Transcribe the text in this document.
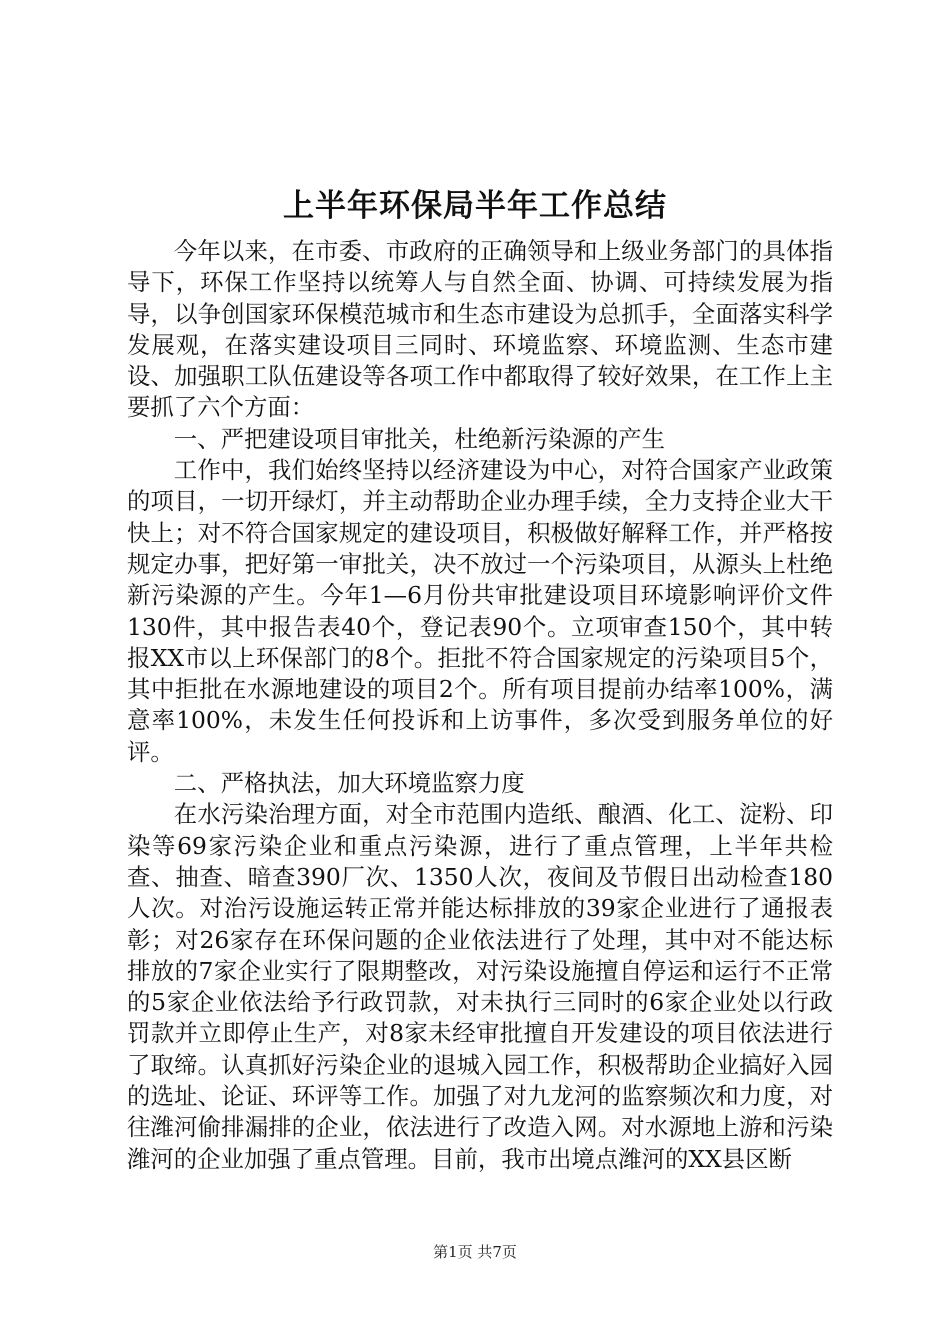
上半年环保局半年工作总结

今年以来，在市委、市政府的正确领导和上级业务部门的具体指导下，环保工作坚持以统筹人与自然全面、协调、可持续发展为指导，以争创国家环保模范城市和生态市建设为总抓手，全面落实科学发展观，在落实建设项目三同时、环境监察、环境监测、生态市建设、加强职工队伍建设等各项工作中都取得了较好效果，在工作上主要抓了六个方面：

一、严把建设项目审批关，杜绝新污染源的产生

工作中，我们始终坚持以经济建设为中心，对符合国家产业政策的项目，一切开绿灯，并主动帮助企业办理手续，全力支持企业大干快上；对不符合国家规定的建设项目，积极做好解释工作，并严格按规定办事，把好第一审批关，决不放过一个污染项目，从源头上杜绝新污染源的产生。今年1—6月份共审批建设项目环境影响评价文件130件，其中报告表40个，登记表90个。立项审查150个，其中转报XX市以上环保部门的8个。拒批不符合国家规定的污染项目5个，其中拒批在水源地建设的项目2个。所有项目提前办结率100%，满意率100%，未发生任何投诉和上访事件，多次受到服务单位的好评。

二、严格执法，加大环境监察力度

在水污染治理方面，对全市范围内造纸、酿酒、化工、淀粉、印染等69家污染企业和重点污染源，进行了重点管理，上半年共检查、抽查、暗查390厂次、1350人次，夜间及节假日出动检查180人次。对治污设施运转正常并能达标排放的39家企业进行了通报表彰；对26家存在环保问题的企业依法进行了处理，其中对不能达标排放的7家企业实行了限期整改，对污染设施擅自停运和运行不正常的5家企业依法给予行政罚款，对未执行三同时的6家企业处以行政罚款并立即停止生产，对8家未经审批擅自开发建设的项目依法进行了取缔。认真抓好污染企业的退城入园工作，积极帮助企业搞好入园的选址、论证、环评等工作。加强了对九龙河的监察频次和力度，对往潍河偷排漏排的企业，依法进行了改造入网。对水源地上游和污染潍河的企业加强了重点管理。目前，我市出境点潍河的XX县区断

第1页 共7页
